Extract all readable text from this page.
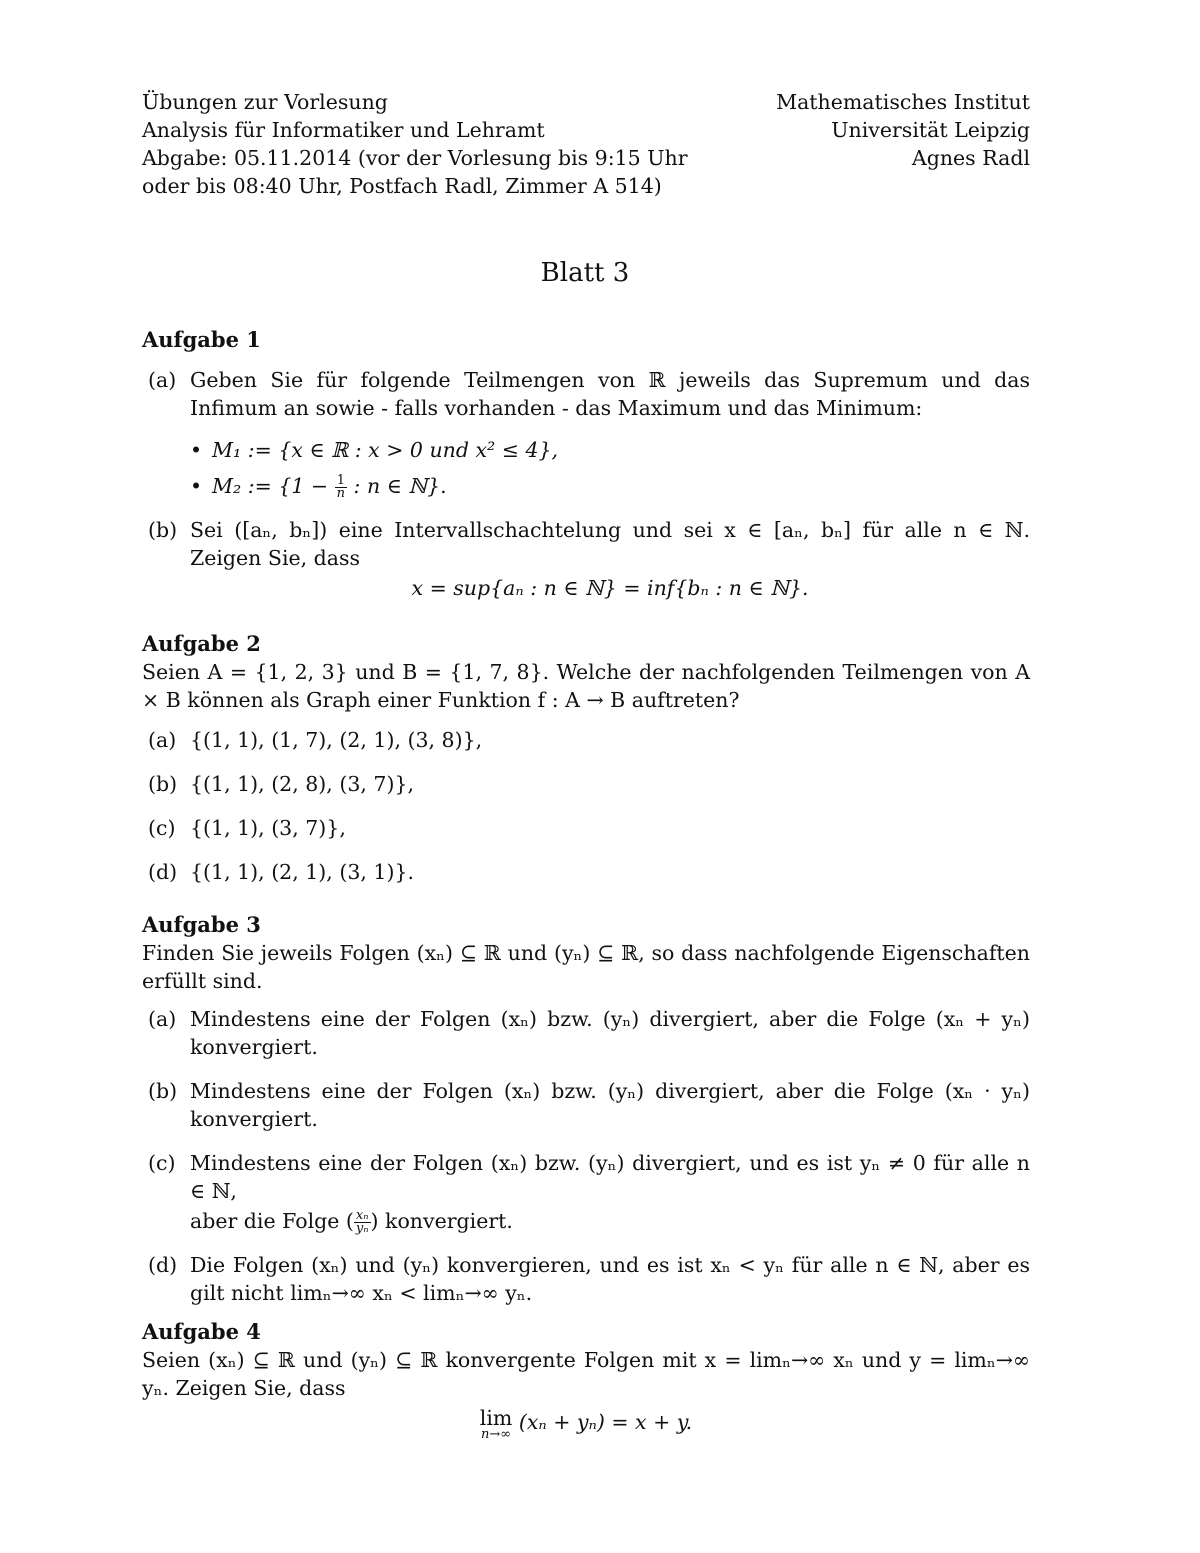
Übungen zur Vorlesung
Analysis für Informatiker und Lehramt
Abgabe: 05.11.2014 (vor der Vorlesung bis 9:15 Uhr
oder bis 08:40 Uhr, Postfach Radl, Zimmer A 514)
Mathematisches Institut
Universität Leipzig
Agnes Radl
Blatt 3
Aufgabe 1
(a) Geben Sie für folgende Teilmengen von ℝ jeweils das Supremum und das Infimum an sowie - falls vorhanden - das Maximum und das Minimum:
• M₁ := {x ∈ ℝ : x > 0 und x² ≤ 4},
• M₂ := {$1 - \frac{1}{n}$ : n ∈ ℕ}.
(b) Sei ([aₙ, bₙ]) eine Intervallschachtelung und sei x ∈ [aₙ, bₙ] für alle n ∈ ℕ. Zeigen Sie, dass
x = sup{aₙ : n ∈ ℕ} = inf{bₙ : n ∈ ℕ}.
Aufgabe 2
Seien A = {1, 2, 3} und B = {1, 7, 8}. Welche der nachfolgenden Teilmengen von A × B können als Graph einer Funktion f : A → B auftreten?
(a) {(1, 1), (1, 7), (2, 1), (3, 8)},
(b) {(1, 1), (2, 8), (3, 7)},
(c) {(1, 1), (3, 7)},
(d) {(1, 1), (2, 1), (3, 1)}.
Aufgabe 3
Finden Sie jeweils Folgen (xₙ) ⊆ ℝ und (yₙ) ⊆ ℝ, so dass nachfolgende Eigenschaften erfüllt sind.
(a) Mindestens eine der Folgen (xₙ) bzw. (yₙ) divergiert, aber die Folge (xₙ + yₙ) konvergiert.
(b) Mindestens eine der Folgen (xₙ) bzw. (yₙ) divergiert, aber die Folge (xₙ · yₙ) konvergiert.
(c) Mindestens eine der Folgen (xₙ) bzw. (yₙ) divergiert, und es ist yₙ ≠ 0 für alle n ∈ ℕ,
aber die Folge ( $\frac{\text{xₙ}}{\text{yₙ}}$ ) konvergiert.
(d) Die Folgen (xₙ) und (yₙ) konvergieren, und es ist xₙ < yₙ für alle n ∈ ℕ, aber es gilt nicht limₙ→∞ xₙ < limₙ→∞ yₙ.
Aufgabe 4
Seien (xₙ) ⊆ ℝ und (yₙ) ⊆ ℝ konvergente Folgen mit x = limₙ→∞ xₙ und y = limₙ→∞ yₙ. Zeigen Sie, dass
lim
n→∞
(xₙ + yₙ) = x + y.
